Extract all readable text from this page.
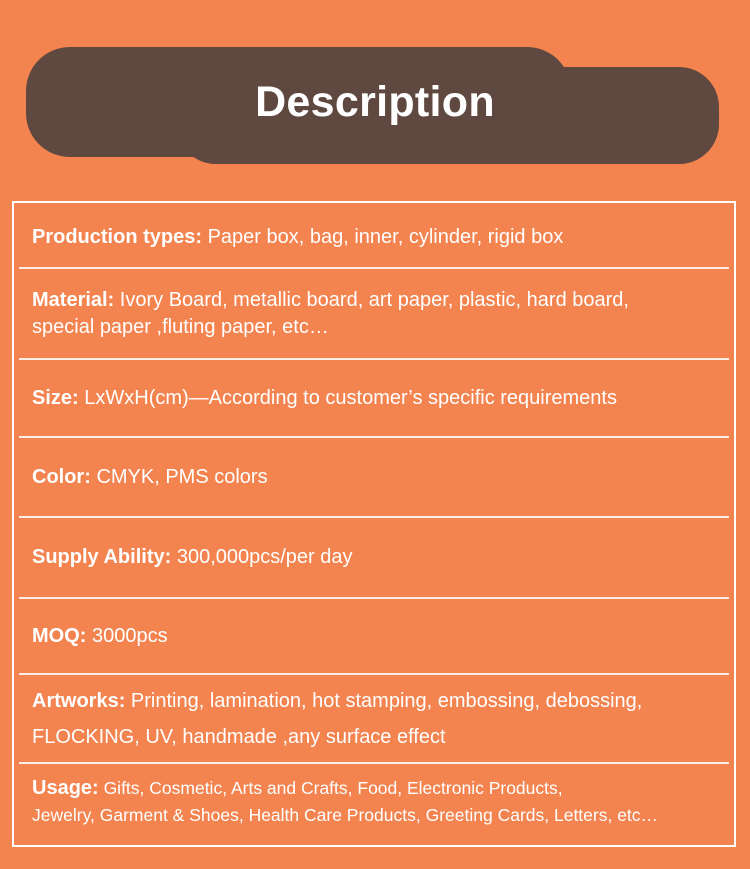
Description
Production types: Paper box, bag, inner, cylinder, rigid box
Material: Ivory Board, metallic board, art paper, plastic, hard board,
special paper ,fluting paper, etc…
Size: LxWxH(cm)—According to customer’s specific requirements
Color: CMYK, PMS colors
Supply Ability: 300,000pcs/per day
MOQ: 3000pcs
Artworks: Printing, lamination, hot stamping, embossing, debossing,
FLOCKING, UV, handmade ,any surface effect
Usage: Gifts, Cosmetic, Arts and Crafts, Food, Electronic Products,
Jewelry, Garment & Shoes, Health Care Products, Greeting Cards, Letters, etc…
